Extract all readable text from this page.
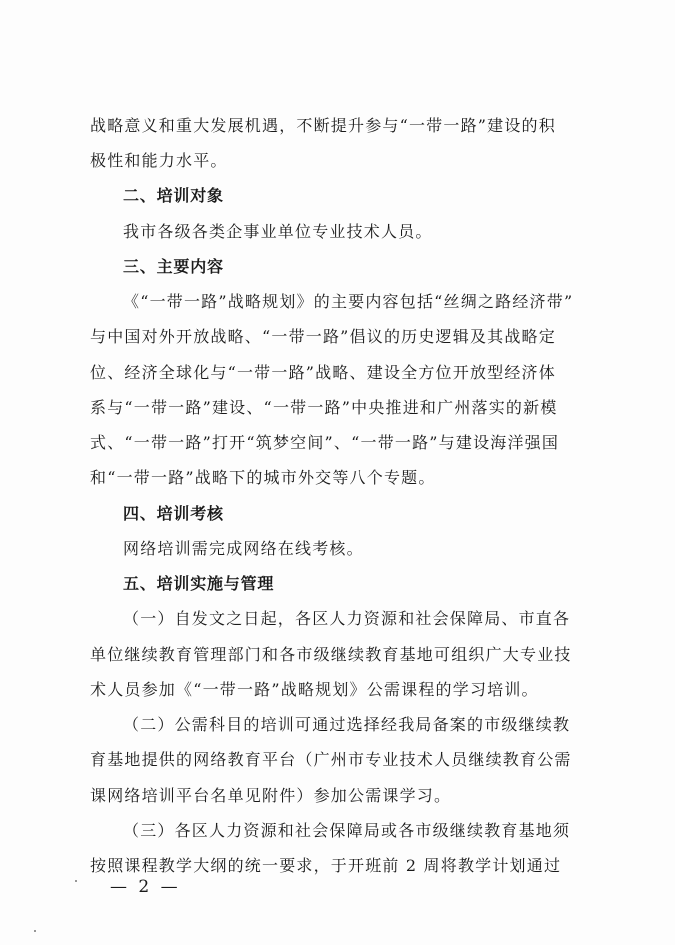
战略意义和重大发展机遇，不断提升参与“一带一路”建设的积
极性和能力水平。
二、培训对象
我市各级各类企事业单位专业技术人员。
三、主要内容
《“一带一路”战略规划》的主要内容包括“丝绸之路经济带”
与中国对外开放战略、“一带一路”倡议的历史逻辑及其战略定
位、经济全球化与“一带一路”战略、建设全方位开放型经济体
系与“一带一路”建设、“一带一路”中央推进和广州落实的新模
式、“一带一路”打开“筑梦空间”、“一带一路”与建设海洋强国
和“一带一路”战略下的城市外交等八个专题。
四、培训考核
网络培训需完成网络在线考核。
五、培训实施与管理
（一）自发文之日起，各区人力资源和社会保障局、市直各
单位继续教育管理部门和各市级继续教育基地可组织广大专业技
术人员参加《“一带一路”战略规划》公需课程的学习培训。
（二）公需科目的培训可通过选择经我局备案的市级继续教
育基地提供的网络教育平台（广州市专业技术人员继续教育公需
课网络培训平台名单见附件）参加公需课学习。
（三）各区人力资源和社会保障局或各市级继续教育基地须
按照课程教学大纲的统一要求，于开班前 2 周将教学计划通过
— 2 —
